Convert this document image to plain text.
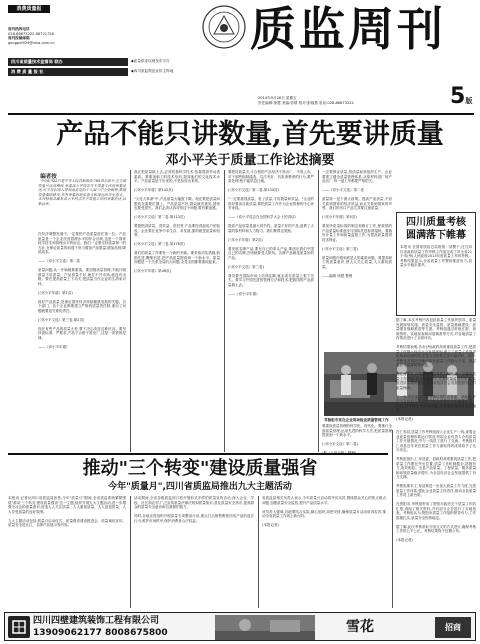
消费质量报
周刊热线电话
028-86673222 86721726
周刊投稿邮箱
gongpei929@sina.com.cn
四川省质量技术监督局 联办
消 费 质 量 报 社
◆质量供求权威发布平台
◆四川质监舆论宣传主阵地
质监周刊
2014年9月26日 星期五
责任编辑:徐慧 美编:彭倩 校对:张晓燕 电话:028-86673222	5版
产品不能只讲数量,首先要讲质量
邓小平关于质量工作论述摘要

编者按
今年9月22日是中华人民共和国成立65周年前夕,在全国质量月活动期间,重温邓小平同志关于质量工作的重要论述,对于我们深入贯彻落实党的十八届三中全会精神,推进质量强国建设,具有重要的现实意义和深远的历史意义。本刊特摘录编发邓小平同志关于质量工作的重要论述,以飨读者。

在经济调整发展中,一定要把产品质量放在第一位。产品质量是一个企业经营管理水平的综合反映,也是一个国家科学技术和管理水平的标志。我们一定要坚持质量第一的方针,在保证质量的前提下努力增加产品数量,增加品种,降低成本。

——《邓小平文选》第二卷

质量问题,从一开始就要重视。要加强质量管理,不能只顾数量不讲质量。产品质量不好,就打不开市场,就没有出路。要在提高质量上下功夫,把质量当作企业的生命来对待。

(《邓小平年谱》第1页)

抓好产品质量,是保证国民经济持续健康发展的关键。各个部门、各个企业都要建立严格的质量责任制,谁出了问题就要追究谁的责任。

(《邓小平文选》第三卷,第2页)

现在有些产品的质量太差,要下决心改变这种状况。要坚持高标准、严要求,产品不合格不准出厂,这是一条铁的纪律。

——《邓小平年谱》
真正把质量搞上去,必须依靠科学技术,依靠提高劳动者素质。要重视职工的技术培训,提高他们的文化技术水平。产品质量是干出来的,不是检验出来的。

(《邓小平年谱》第142页)

"文化大革命"中,产品质量大幅度下降。现在要把质量问题放在重要位置上。产品质量不好,群众就有意见,国家也要受损失。我们必须认真对待这个问题,要有紧迫感。

(《邓小平文选》第二卷,第113页)

要提倡讲质量、讲效益、讲信誉,产品要经得起用户的检验。企业要在竞争中求生存、求发展,靠的就是质量和信誉。

(《邓小平文选》第三卷,第176页)

我们的质量工作要有一个新的突破。要采取切实措施,鼓励先进,鞭策后进,把产品质量提高到一个新水平。质量问题是一个关系全局的大问题,全党全国都要重视起来。

(《邓小平年谱》第46页)
要把好质量关,不合格的产品坚决不准出厂、不准上市。对于那些粗制滥造、以次充好、坑害消费者的行为,要严肃处理,绝不能姑息迁就。

(《邓小平文选》第二卷,第134页)

"一定要重视质量。有了质量,才有数量和效益。"企业的领导要亲自抓质量,要把质量工作作为企业管理的中心环节来抓。

——《邓小平同志在全国科学大会上的讲话》

提高产品质量是最大的节约。质量不好的产品,浪费了大量的原材料和人力物力。我们要算这笔账。

(《邓小平年谱》第2页)

要发展名牌产品,要有自己的拳头产品,要创出我们中国自己的名牌,否则就要受人欺负。名牌产品就是质量好的产品。

(《邓小平文选》第三卷)

我们要在国际市场上站得住脚,就必须在质量上狠下功夫。要学习外国先进的管理方法和技术,把我国的产品质量搞上去。

——《邓小平年谱》
一定要保证质量,按质量标准组织生产。企业要建立健全质量管理体系,从原材料进厂到产品出厂,每一道工序都要严格把关。

——《邓小平文选》第二卷

质量第一是个重大政策。提高产品质量,不但关系到国家的经济效益,而且关系到国家的声誉。我们的出口产品尤其要注意质量。

(《邓小平年谱》第5页)

要加快质量标准的制定和修订工作,使我国的产品质量标准逐步与国际先进标准接轨。要搞好计量工作和质量监督工作,为提高质量提供技术保证。

(《邓小平文选》第三卷)

质量问题归根到底是人的素质问题。要提高职工的质量意识,使人人关心质量,人人重视质量。

——编辑 徐慧 整理
四川质量考核
圆满落下帷幕
本报讯 在国家质检总局的统一部署下,近日四川省政府质量工作考核工作组完成了对全省21个市(州)人民政府2013年度质量工作的考核。考核结果显示,全省质量工作整体推进有力,质量水平稳步提升。
考核组专家在企业现场检查质量管理工作
据了解,本次考核内容包括质量工作组织领导、质量发展规划实施、质量安全监管、质量基础建设、质量强省战略推进等方面。考核组通过听取汇报、查阅资料、实地检查和问卷调查等方式,对各地质量工作情况进行了全面评价。

考核结果表明,各市(州)政府高度重视质量工作,把质量工作纳入经济社会发展规划,建立了质量工作领导机构和协调机制,质量安全形势总体平稳向好。同时,考核也发现部分地区存在质量工作投入不足、基层监管力量薄弱等问题。

省政府要求,各地要以此次考核为契机,进一步落实质量工作责任,加大质量投入,完善质量监管体系,扎实推进质量强省建设,为全省经济社会发展提供有力的质量保障。

下一步,省质监局将把考核结果报送省委、省政府,并作为各地政府领导班子综合考核评价的重要依据。同时,对考核中发现的问题,将督促各地认真整改落实。

(本报记者)
要重视质量管理的科学化、现代化。要推行全面质量管理,运用先进的科学方法,把质量管理提高到一个新水平。

(《邓小平文选》第二卷)

推动"三个转变"建设质量强省
今年"质量月",四川省质监局推出九大主题活动
本报讯 记者从四川省质监局获悉,今年"质量月"期间,全省质监系统紧紧围绕"推动'三个转变'建设质量强省"这一主题,组织开展九大主题活动,进一步增强全社会的质量意识,营造人人关注质量、人人重视质量、人人创造质量、人人享受质量的良好氛围。

九大主题活动包括:质量月启动仪式、质量强省建设推进会、质量诚信宣传、质量安全进社区、名牌产品展示等内容。
活动期间,全省各级质监部门将开展形式多样的质量宣传活动,深入企业、学校、社区和农村,广泛宣传质量法律法规和质量知识,普及质量安全常识,提高群众的质量安全意识和自我保护能力。

同时,各地还将组织开展质量专项整治行动,重点打击制售假冒伪劣产品的违法行为,维护市场秩序,保护消费者合法权益。
省质监局相关负责人表示,今年质量月活动将突出实效,围绕群众关心的热点难点问题,加强质量安全监管,提升产品质量水平。

该负责人强调,各地要结合实际,精心组织,周密安排,确保质量月活动取得实效,推动全省质量工作再上新台阶。

(本报记者)
在仁寿县,质量工作考核组深入企业生产一线,查看企业质量管理体系运行情况,听取企业负责人介绍质量工作开展情况,并与一线员工进行了交流。考核组对仁寿县近年来在质量工作方面取得的成绩给予了充分肯定。

考核组指出,仁寿县委、县政府高度重视质量工作,把质量工作摆在突出位置,质量工作机制健全,措施有力,成效明显。全县产品质量、工程质量、服务质量和环境质量稳步提升,为全县经济社会发展提供了有力支撑。

考核组要求,仁寿县要进一步加大质量工作力度,完善质量工作体系,强化企业质量主体责任,推动全县质量工作再上新台阶。

在资阳市,考核组听取了资阳市政府关于质量工作的汇报,查阅了相关资料,并对部分企业进行了实地检查。考核组认为,资阳市质量工作组织领导有力,工作措施扎实,质量安全形势稳定。

据了解,此次考核采取分组交叉的方式进行,确保考核工作的公平公正。考核结果将于近期公布。

(本报记者)
四川四壁建筑装饰工程有限公司
13909062177 8008675800	雪花	招商
